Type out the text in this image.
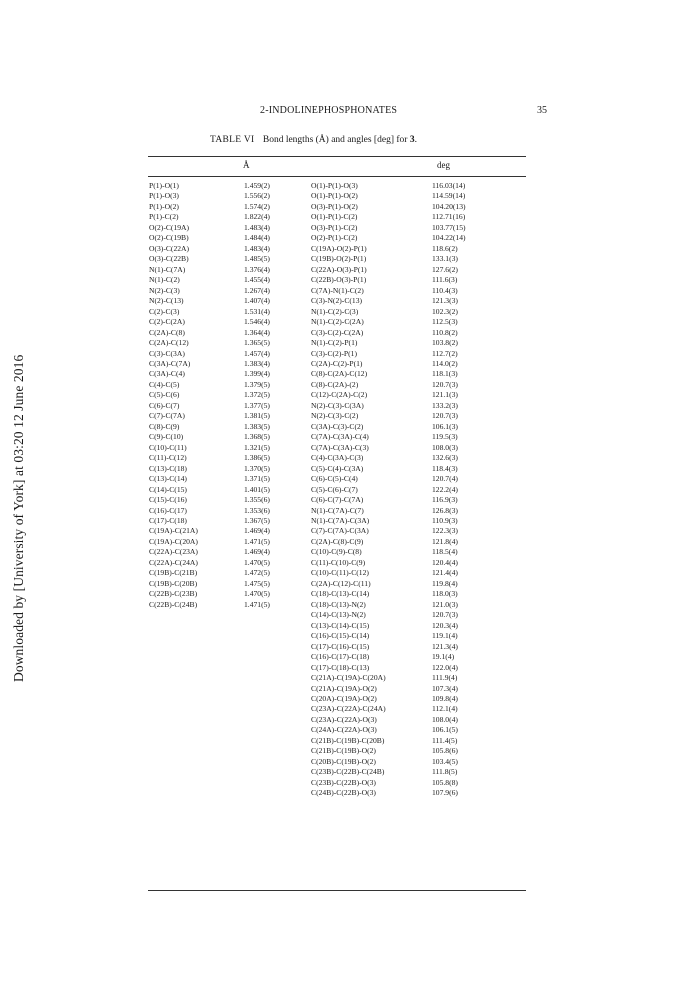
Downloaded by [University of York] at 03:20 12 June 2016
2-INDOLINEPHOSPHONATES	35
TABLE VI Bond lengths (Å) and angles [deg] for 3.
Å	deg
P(1)-O(1)
P(1)-O(3)
P(1)-O(2)
P(1)-C(2)
O(2)-C(19A)
O(2)-C(19B)
O(3)-C(22A)
O(3)-C(22B)
N(1)-C(7A)
N(1)-C(2)
N(2)-C(3)
N(2)-C(13)
C(2)-C(3)
C(2)-C(2A)
C(2A)-C(8)
C(2A)-C(12)
C(3)-C(3A)
C(3A)-C(7A)
C(3A)-C(4)
C(4)-C(5)
C(5)-C(6)
C(6)-C(7)
C(7)-C(7A)
C(8)-C(9)
C(9)-C(10)
C(10)-C(11)
C(11)-C(12)
C(13)-C(18)
C(13)-C(14)
C(14)-C(15)
C(15)-C(16)
C(16)-C(17)
C(17)-C(18)
C(19A)-C(21A)
C(19A)-C(20A)
C(22A)-C(23A)
C(22A)-C(24A)
C(19B)-C(21B)
C(19B)-C(20B)
C(22B)-C(23B)
C(22B)-C(24B)
1.459(2)
1.556(2)
1.574(2)
1.822(4)
1.483(4)
1.484(4)
1.483(4)
1.485(5)
1.376(4)
1.455(4)
1.267(4)
1.407(4)
1.531(4)
1.546(4)
1.364(4)
1.365(5)
1.457(4)
1.383(4)
1.399(4)
1.379(5)
1.372(5)
1.377(5)
1.381(5)
1.383(5)
1.368(5)
1.321(5)
1.386(5)
1.370(5)
1.371(5)
1.401(5)
1.355(6)
1.353(6)
1.367(5)
1.469(4)
1.471(5)
1.469(4)
1.470(5)
1.472(5)
1.475(5)
1.470(5)
1.471(5)
O(1)-P(1)-O(3)
O(1)-P(1)-O(2)
O(3)-P(1)-O(2)
O(1)-P(1)-C(2)
O(3)-P(1)-C(2)
O(2)-P(1)-C(2)
C(19A)-O(2)-P(1)
C(19B)-O(2)-P(1)
C(22A)-O(3)-P(1)
C(22B)-O(3)-P(1)
C(7A)-N(1)-C(2)
C(3)-N(2)-C(13)
N(1)-C(2)-C(3)
N(1)-C(2)-C(2A)
C(3)-C(2)-C(2A)
N(1)-C(2)-P(1)
C(3)-C(2)-P(1)
C(2A)-C(2)-P(1)
C(8)-C(2A)-C(12)
C(8)-C(2A)-(2)
C(12)-C(2A)-C(2)
N(2)-C(3)-C(3A)
N(2)-C(3)-C(2)
C(3A)-C(3)-C(2)
C(7A)-C(3A)-C(4)
C(7A)-C(3A)-C(3)
C(4)-C(3A)-C(3)
C(5)-C(4)-C(3A)
C(6)-C(5)-C(4)
C(5)-C(6)-C(7)
C(6)-C(7)-C(7A)
N(1)-C(7A)-C(7)
N(1)-C(7A)-C(3A)
C(7)-C(7A)-C(3A)
C(2A)-C(8)-C(9)
C(10)-C(9)-C(8)
C(11)-C(10)-C(9)
C(10)-C(11)-C(12)
C(2A)-C(12)-C(11)
C(18)-C(13)-C(14)
C(18)-C(13)-N(2)
C(14)-C(13)-N(2)
C(13)-C(14)-C(15)
C(16)-C(15)-C(14)
C(17)-C(16)-C(15)
C(16)-C(17)-C(18)
C(17)-C(18)-C(13)
C(21A)-C(19A)-C(20A)
C(21A)-C(19A)-O(2)
C(20A)-C(19A)-O(2)
C(23A)-C(22A)-C(24A)
C(23A)-C(22A)-O(3)
C(24A)-C(22A)-O(3)
C(21B)-C(19B)-C(20B)
C(21B)-C(19B)-O(2)
C(20B)-C(19B)-O(2)
C(23B)-C(22B)-C(24B)
C(23B)-C(22B)-O(3)
C(24B)-C(22B)-O(3)
116.03(14)
114.59(14)
104.20(13)
112.71(16)
103.77(15)
104.22(14)
118.6(2)
133.1(3)
127.6(2)
111.6(3)
110.4(3)
121.3(3)
102.3(2)
112.5(3)
110.8(2)
103.8(2)
112.7(2)
114.0(2)
118.1(3)
120.7(3)
121.1(3)
133.2(3)
120.7(3)
106.1(3)
119.5(3)
108.0(3)
132.6(3)
118.4(3)
120.7(4)
122.2(4)
116.9(3)
126.8(3)
110.9(3)
122.3(3)
121.8(4)
118.5(4)
120.4(4)
121.4(4)
119.8(4)
118.0(3)
121.0(3)
120.7(3)
120.3(4)
119.1(4)
121.3(4)
19.1(4)
122.0(4)
111.9(4)
107.3(4)
109.8(4)
112.1(4)
108.0(4)
106.1(5)
111.4(5)
105.8(6)
103.4(5)
111.8(5)
105.8(8)
107.9(6)
